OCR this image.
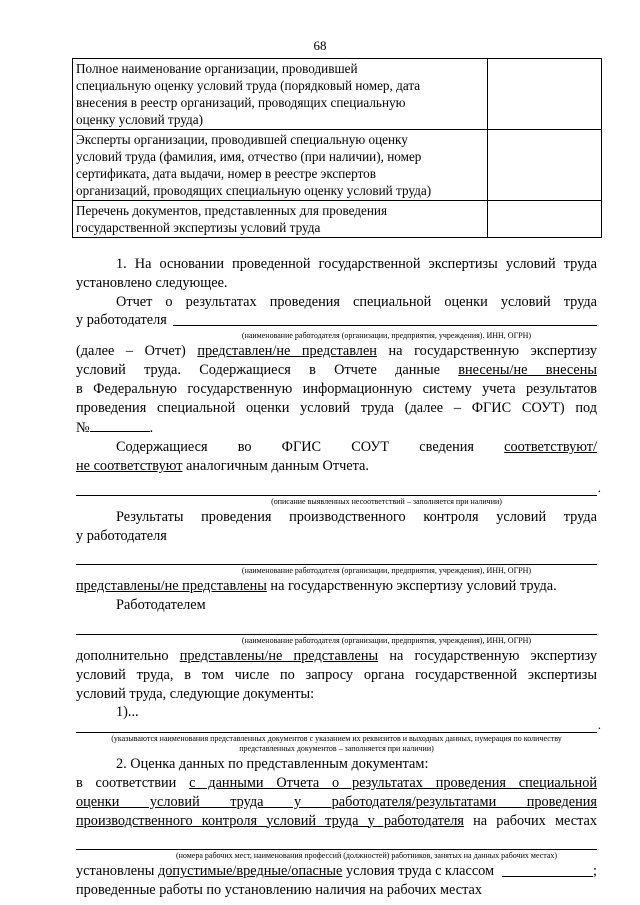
68
Полное наименование организации, проводившей
специальную оценку условий труда (порядковый номер, дата
внесения в реестр организаций, проводящих специальную
оценку условий труда)	

Эксперты организации, проводившей специальную оценку
условий труда (фамилия, имя, отчество (при наличии), номер
сертификата, дата выдачи, номер в реестре экспертов
организаций, проводящих специальную оценку условий труда)	

Перечень документов, представленных для проведения
государственной экспертизы условий труда	

1. На основании проведенной государственной экспертизы условий труда

установлено следующее.

Отчет о результатах проведения специальной оценки условий труда

у работодателя

(наименование работодателя (организации, предприятия, учреждения). ИНН, ОГРН)

(далее – Отчет) представлен/не представлен на государственную экспертизу

условий труда. Содержащиеся в Отчете данные внесены/не внесены

в Федеральную государственную информационную систему учета результатов

проведения специальной оценки условий труда (далее – ФГИС СОУТ) под

№	.

Содержащиеся во ФГИС СОУТ сведения соответствуют/

не соответствуют аналогичным данным Отчета.

.
(описание выявленных несоответствий – заполняется при наличии)

Результаты проведения производственного контроля условий труда

у работодателя

(наименование работодателя (организации, предприятия, учреждения), ИНН, ОГРН)

представлены/не представлены на государственную экспертизу условий труда.

Работодателем

(наименование работодателя (организации, предприятия, учреждения), ИНН, ОГРН)

дополнительно представлены/не представлены на государственную экспертизу

условий труда, в том числе по запросу органа государственной экспертизы

условий труда, следующие документы:

1)...

.
(указываются наименования представленных документов с указанием их реквизитов и выходных данных, нумерация по количеству
представленных документов – заполняется при наличии)

2. Оценка данных по представленным документам:

в соответствии с данными Отчета о результатах проведения специальной

оценки условий труда у работодателя/результатами проведения

производственного контроля условий труда у работодателя на рабочих местах

(номера рабочих мест, наименования профессий (должностей) работников, занятых на данных рабочих местах)

установлены
допустимые/вредные/опасные
условия труда с классом	;

проведенные работы по установлению наличия на рабочих местах
